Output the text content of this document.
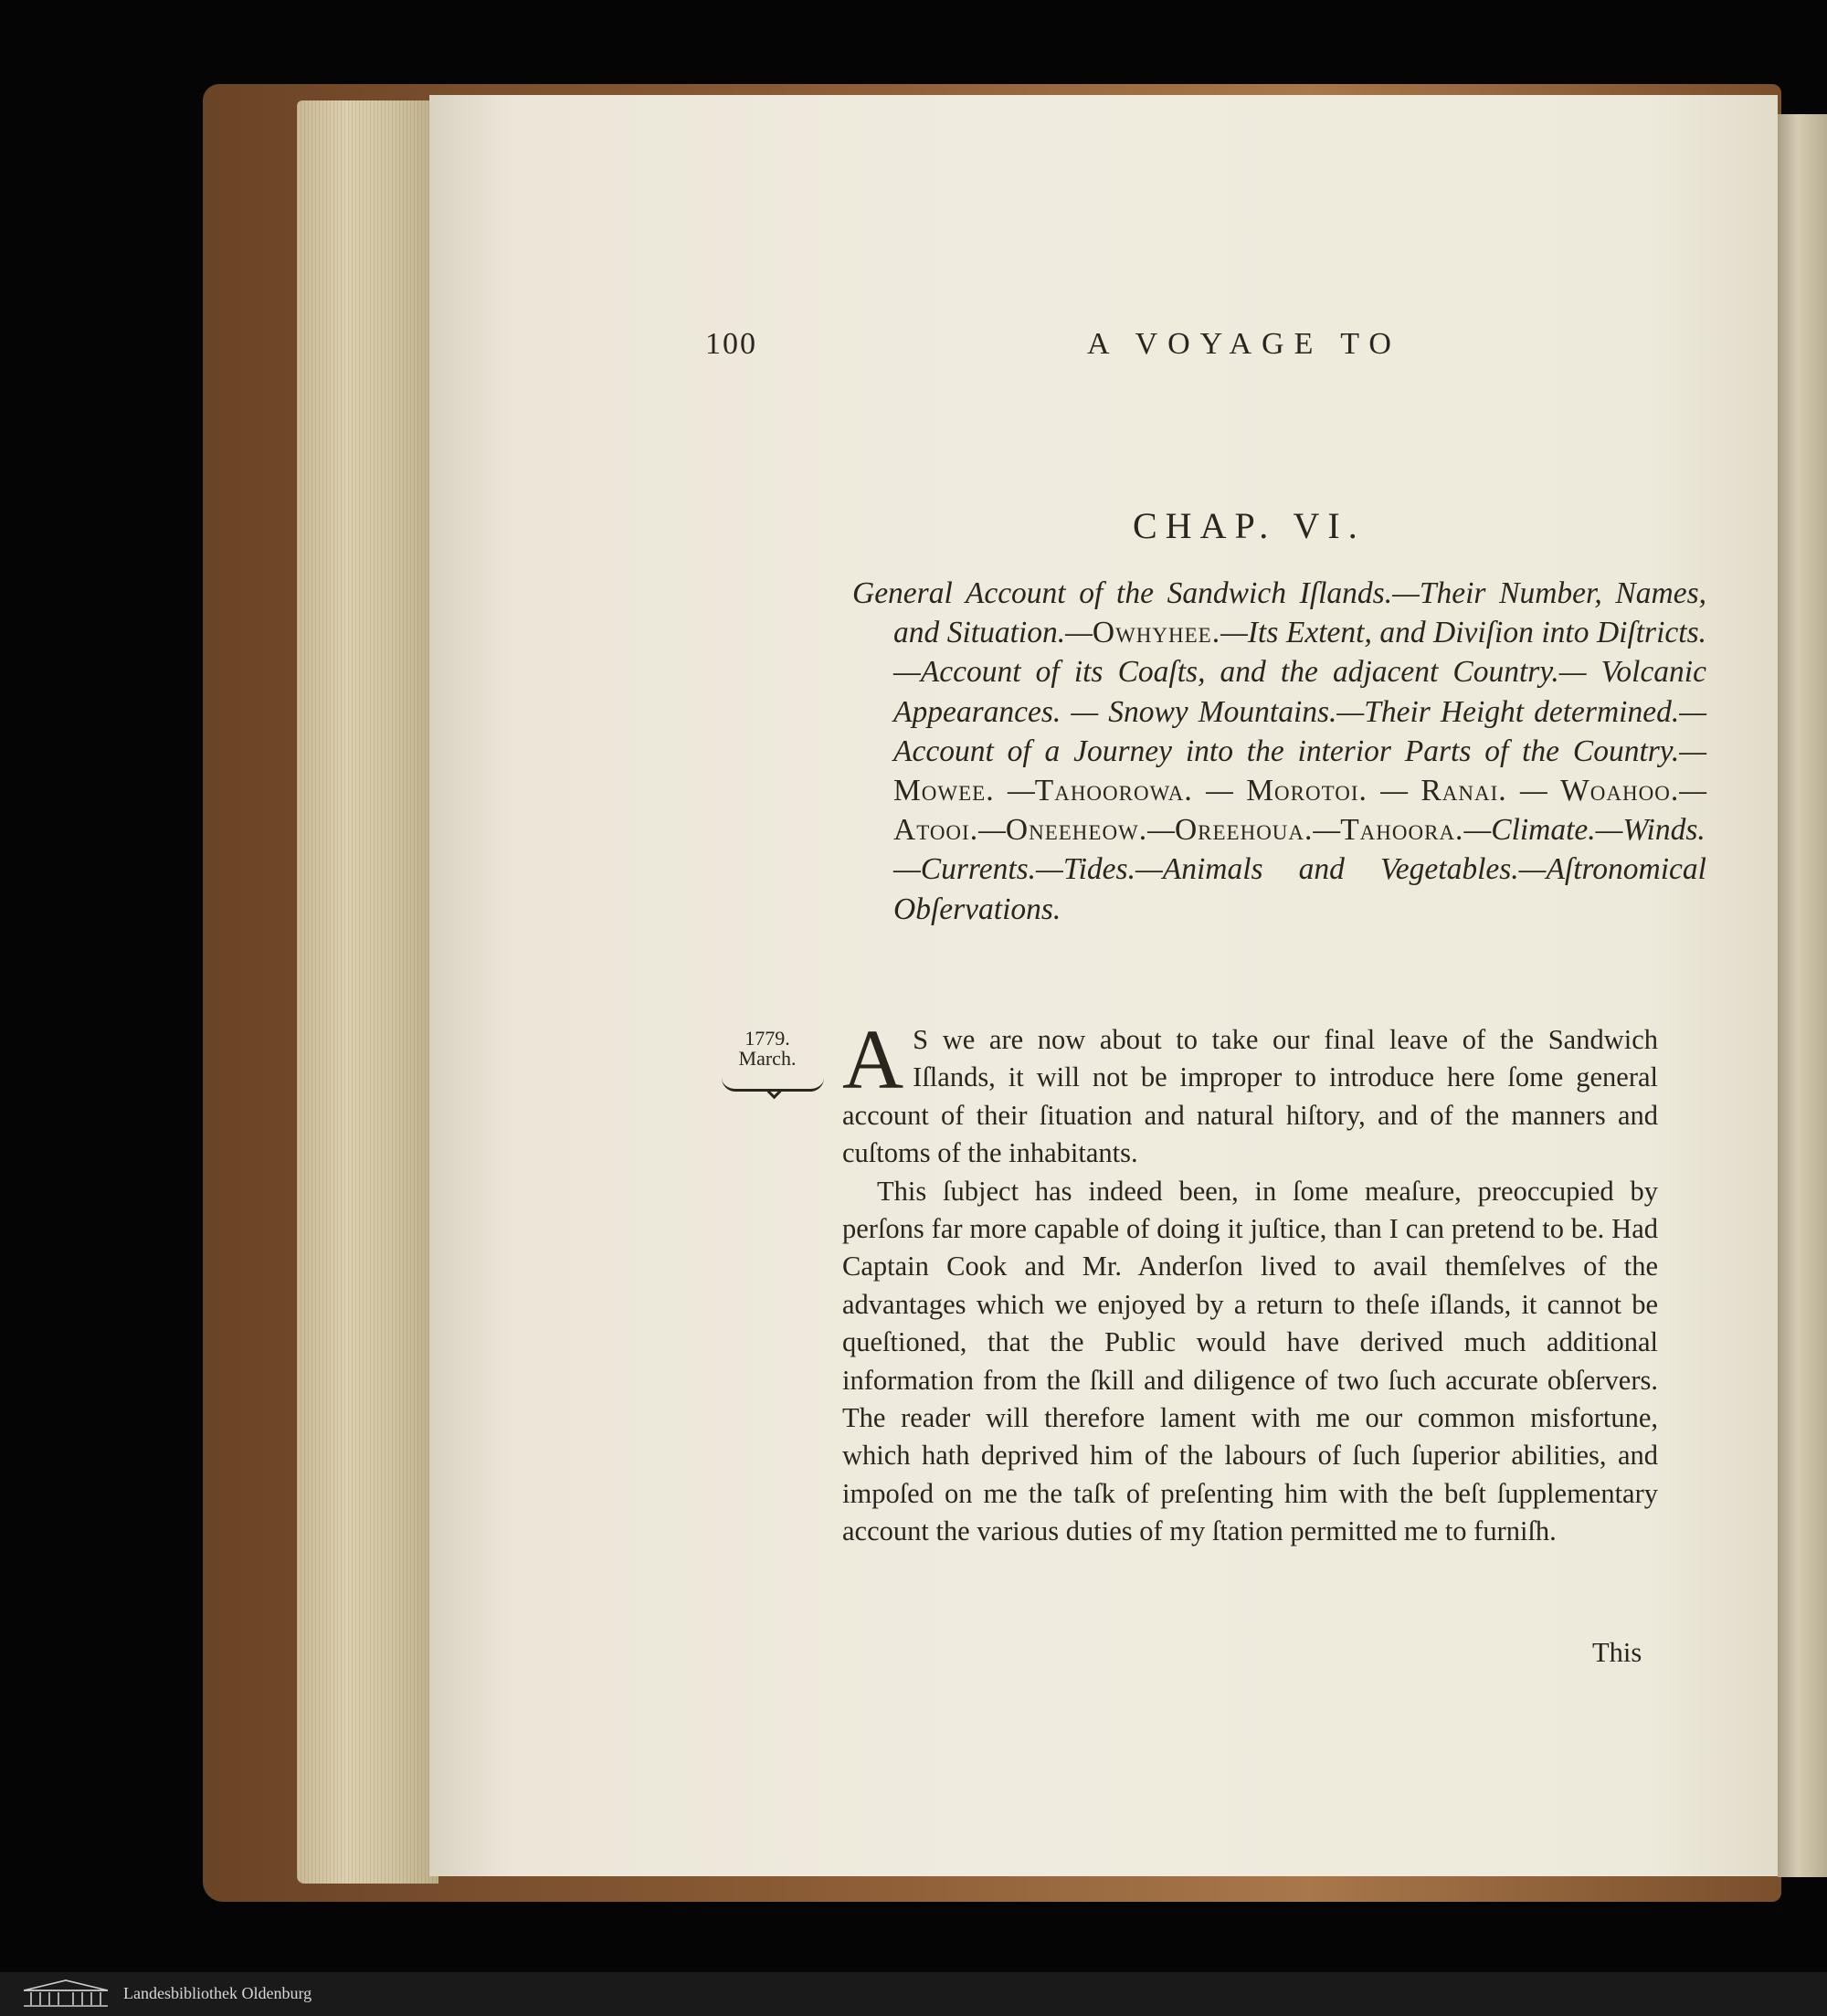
100	A VOYAGE TO
CHAP. VI.
General Account of the Sandwich Iſlands.—Their Number, Names, and Situation.—Owhyhee.—Its Extent, and Diviſion into Diſtricts.—Account of its Coaſts, and the adjacent Country.— Volcanic Appearances. — Snowy Mountains.—Their Height determined.—Account of a Journey into the interior Parts of the Country.—Mowee. —Tahoorowa. — Morotoi. — Ranai. — Woahoo.— Atooi.—Oneeheow.—Oreehoua.—Tahoora.—Climate.—Winds.—Currents.—Tides.—Animals and Vegetables.—Aſtronomical Obſervations.
1779.
March. A S we are now about to take our final leave of the Sandwich Iſlands, it will not be improper to introduce here ſome general account of their ſituation and natural hiſtory, and of the manners and cuſtoms of the inhabitants.

This ſubject has indeed been, in ſome meaſure, preoccupied by perſons far more capable of doing it juſtice, than I can pretend to be. Had Captain Cook and Mr. Anderſon lived to avail themſelves of the advantages which we enjoyed by a return to theſe iſlands, it cannot be queſtioned, that the Public would have derived much additional information from the ſkill and diligence of two ſuch accurate obſervers. The reader will therefore lament with me our common misfortune, which hath deprived him of the labours of ſuch ſuperior abilities, and impoſed on me the taſk of preſenting him with the beſt ſupplementary account the various duties of my ſtation permitted me to furniſh.

This
Landesbibliothek Oldenburg
